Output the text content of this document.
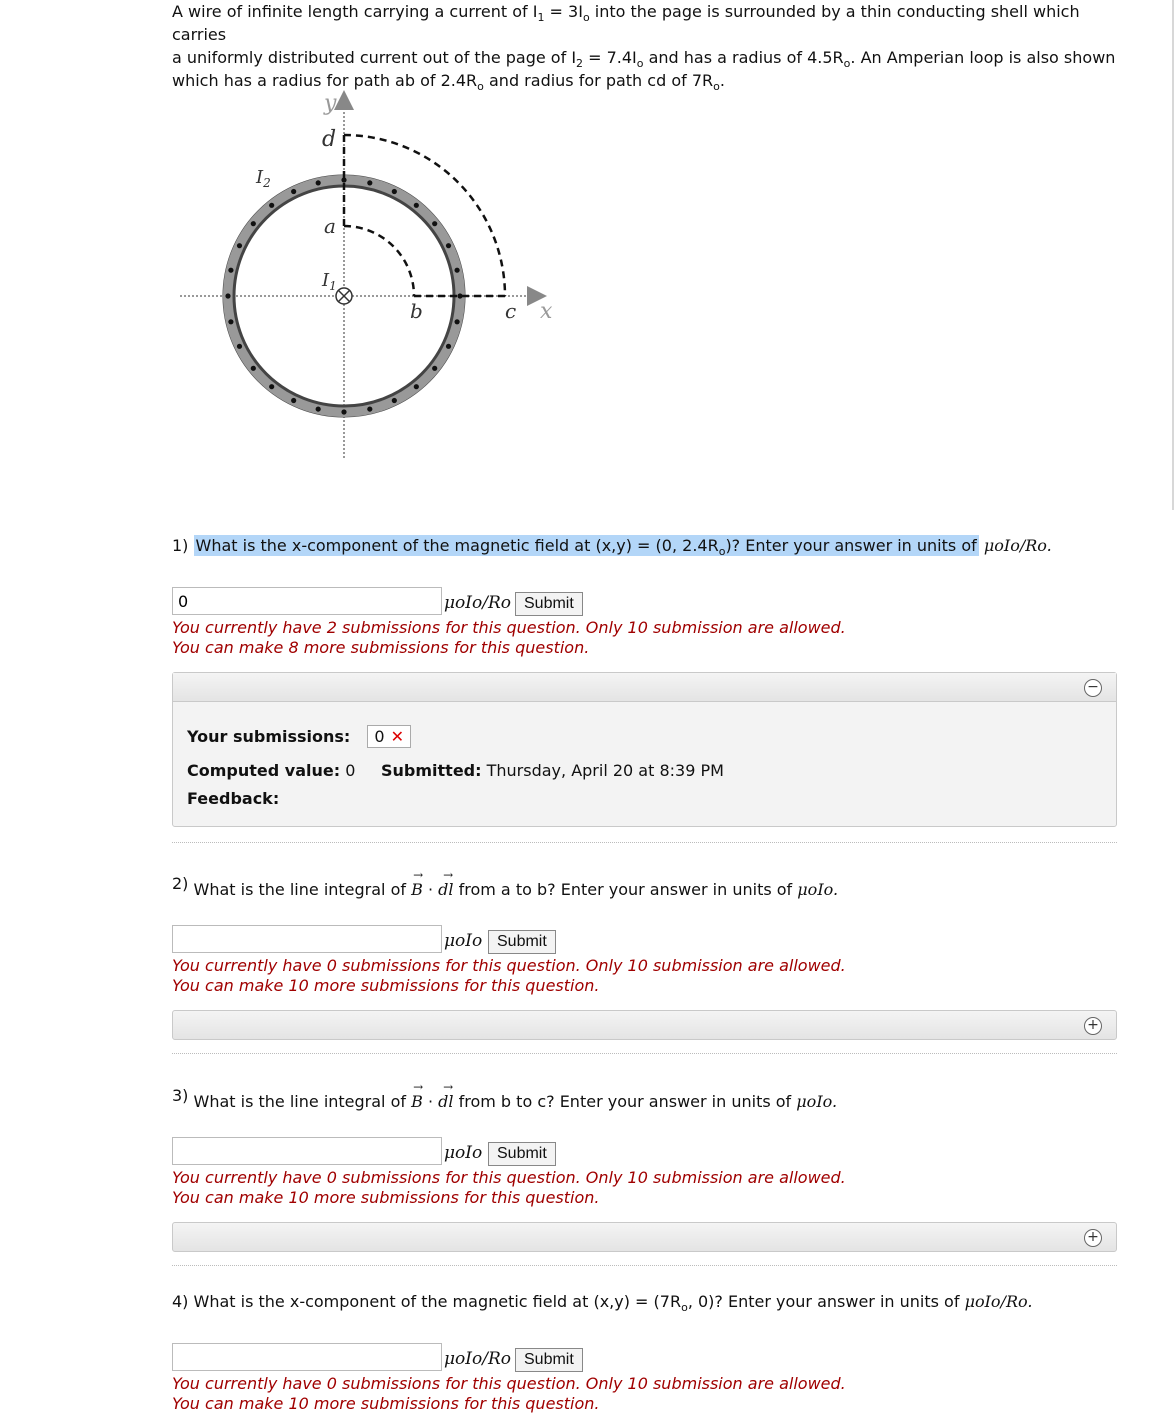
A wire of infinite length carrying a current of $I_1 = 3I_o$ into the page is surrounded by a thin conducting shell which carries
a uniformly distributed current out of the page of $I_2 = 7.4I_o$ and has a radius of $4.5R_o$. An Amperian loop is also shown
which has a radius for path ab of $2.4R_o$ and radius for path cd of $7R_o$.
y
x
d
a
b	c
$I_1$
$I_2$
1) What is the x-component of the magnetic field at (x,y) = (0, $2.4R_o$)? Enter your answer in units of μoIo/Ro.
0
μoIo/Ro Submit
You currently have 2 submissions for this question. Only 10 submission are allowed.
You can make 8 more submissions for this question.
−
Your submissions: 0 ✕
Computed value: 0 Submitted: Thursday, April 20 at 8:39 PM
Feedback:
2) What is the line integral of B
→
· dl
→
from a to b? Enter your answer in units of μoIo.
μoIo Submit
You currently have 0 submissions for this question. Only 10 submission are allowed.
You can make 10 more submissions for this question.
+
3) What is the line integral of B
→
· dl
→
from b to c? Enter your answer in units of μoIo.
μoIo Submit
You currently have 0 submissions for this question. Only 10 submission are allowed.
You can make 10 more submissions for this question.
+
4) What is the x-component of the magnetic field at $(x,y) = (7R_o$, 0)? Enter your answer in units of μoIo/Ro.
μoIo/Ro Submit
You currently have 0 submissions for this question. Only 10 submission are allowed.
You can make 10 more submissions for this question.
